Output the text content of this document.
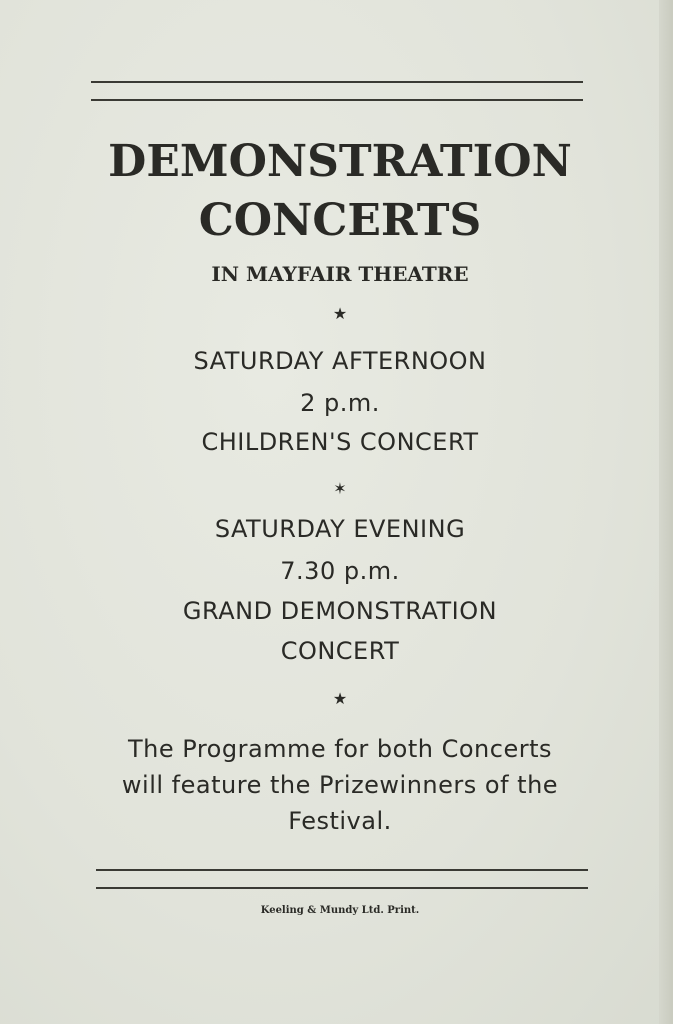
DEMONSTRATION
CONCERTS
IN MAYFAIR THEATRE
★
SATURDAY AFTERNOON
2 p.m.
CHILDREN'S CONCERT
✶
SATURDAY EVENING
7.30 p.m.
GRAND DEMONSTRATION
CONCERT
★
The Programme for both Concerts
will feature the Prizewinners of the
Festival.
Keeling & Mundy Ltd. Print.
